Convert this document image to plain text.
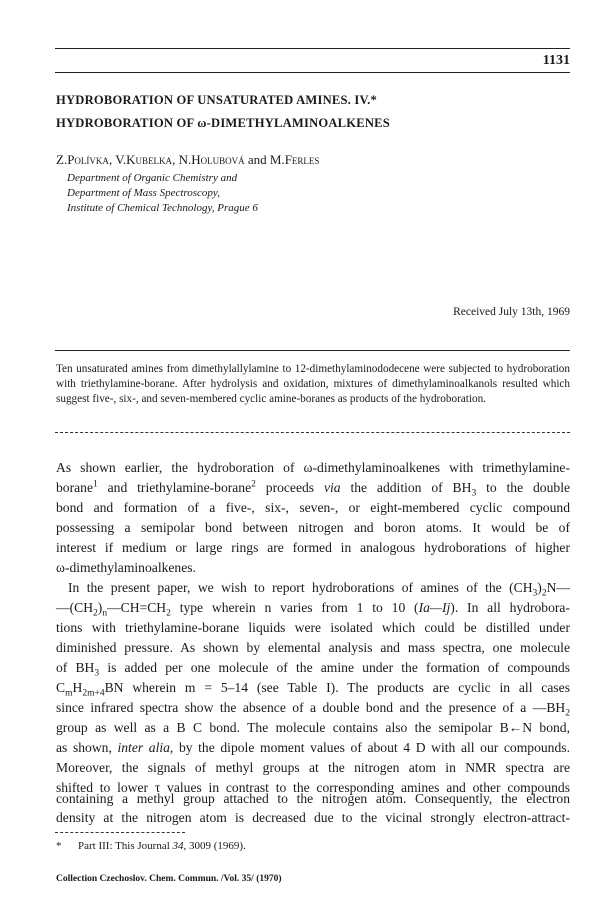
1131
HYDROBORATION OF UNSATURATED AMINES. IV.*
HYDROBORATION OF ω-DIMETHYLAMINOALKENES
Z.Polívka, V.Kubelka, N.Holubová and M.Ferles
Department of Organic Chemistry and
Department of Mass Spectroscopy,
Institute of Chemical Technology, Prague 6
Received July 13th, 1969

Ten unsaturated amines from dimethylallylamine to 12-dimethylaminododecene were subjected to hydroboration with triethylamine-borane. After hydrolysis and oxidation, mixtures of dimethylaminoalkanols resulted which suggest five-, six-, and seven-membered cyclic amine-boranes as products of the hydroboration.

As shown earlier, the hydroboration of ω-dimethylaminoalkenes with trimethylamine-
borane$^1$ and triethylamine-borane$^2$ proceeds via the addition of $BH_3$ to the double
bond and formation of a five-, six-, seven-, or eight-membered cyclic compound
possessing a semipolar bond between nitrogen and boron atoms. It would be of
interest if medium or large rings are formed in analogous hydroborations of higher
ω-dimethylaminoalkenes.
In the present paper, we wish to report hydroborations of amines of the $(CH_3)_2N—$
$—(CH_2)_n—CH=CH_2$ type wherein n varies from 1 to 10 (Ia—Ij). In all hydrobora-
tions with triethylamine-borane liquids were isolated which could be distilled under
diminished pressure. As shown by elemental analysis and mass spectra, one molecule
of $BH_3$ is added per one molecule of the amine under the formation of compounds
$C_mH_{2m+4}BN$ wherein m = 5–14 (see Table I). The products are cyclic in all cases
since infrared spectra show the absence of a double bond and the presence of a $—BH_2$
group as well as a B C bond. The molecule contains also the semipolar B←N bond,
as shown, inter alia, by the dipole moment values of about 4 D with all our compounds.
Moreover, the signals of methyl groups at the nitrogen atom in NMR spectra are
shifted to lower τ values in contrast to the corresponding amines and other compounds
containing a methyl group attached to the nitrogen atom. Consequently, the electron
density at the nitrogen atom is decreased due to the vicinal strongly electron-attract-
* Part III: This Journal 34, 3009 (1969).
Collection Czechoslov. Chem. Commun. /Vol. 35/ (1970)
